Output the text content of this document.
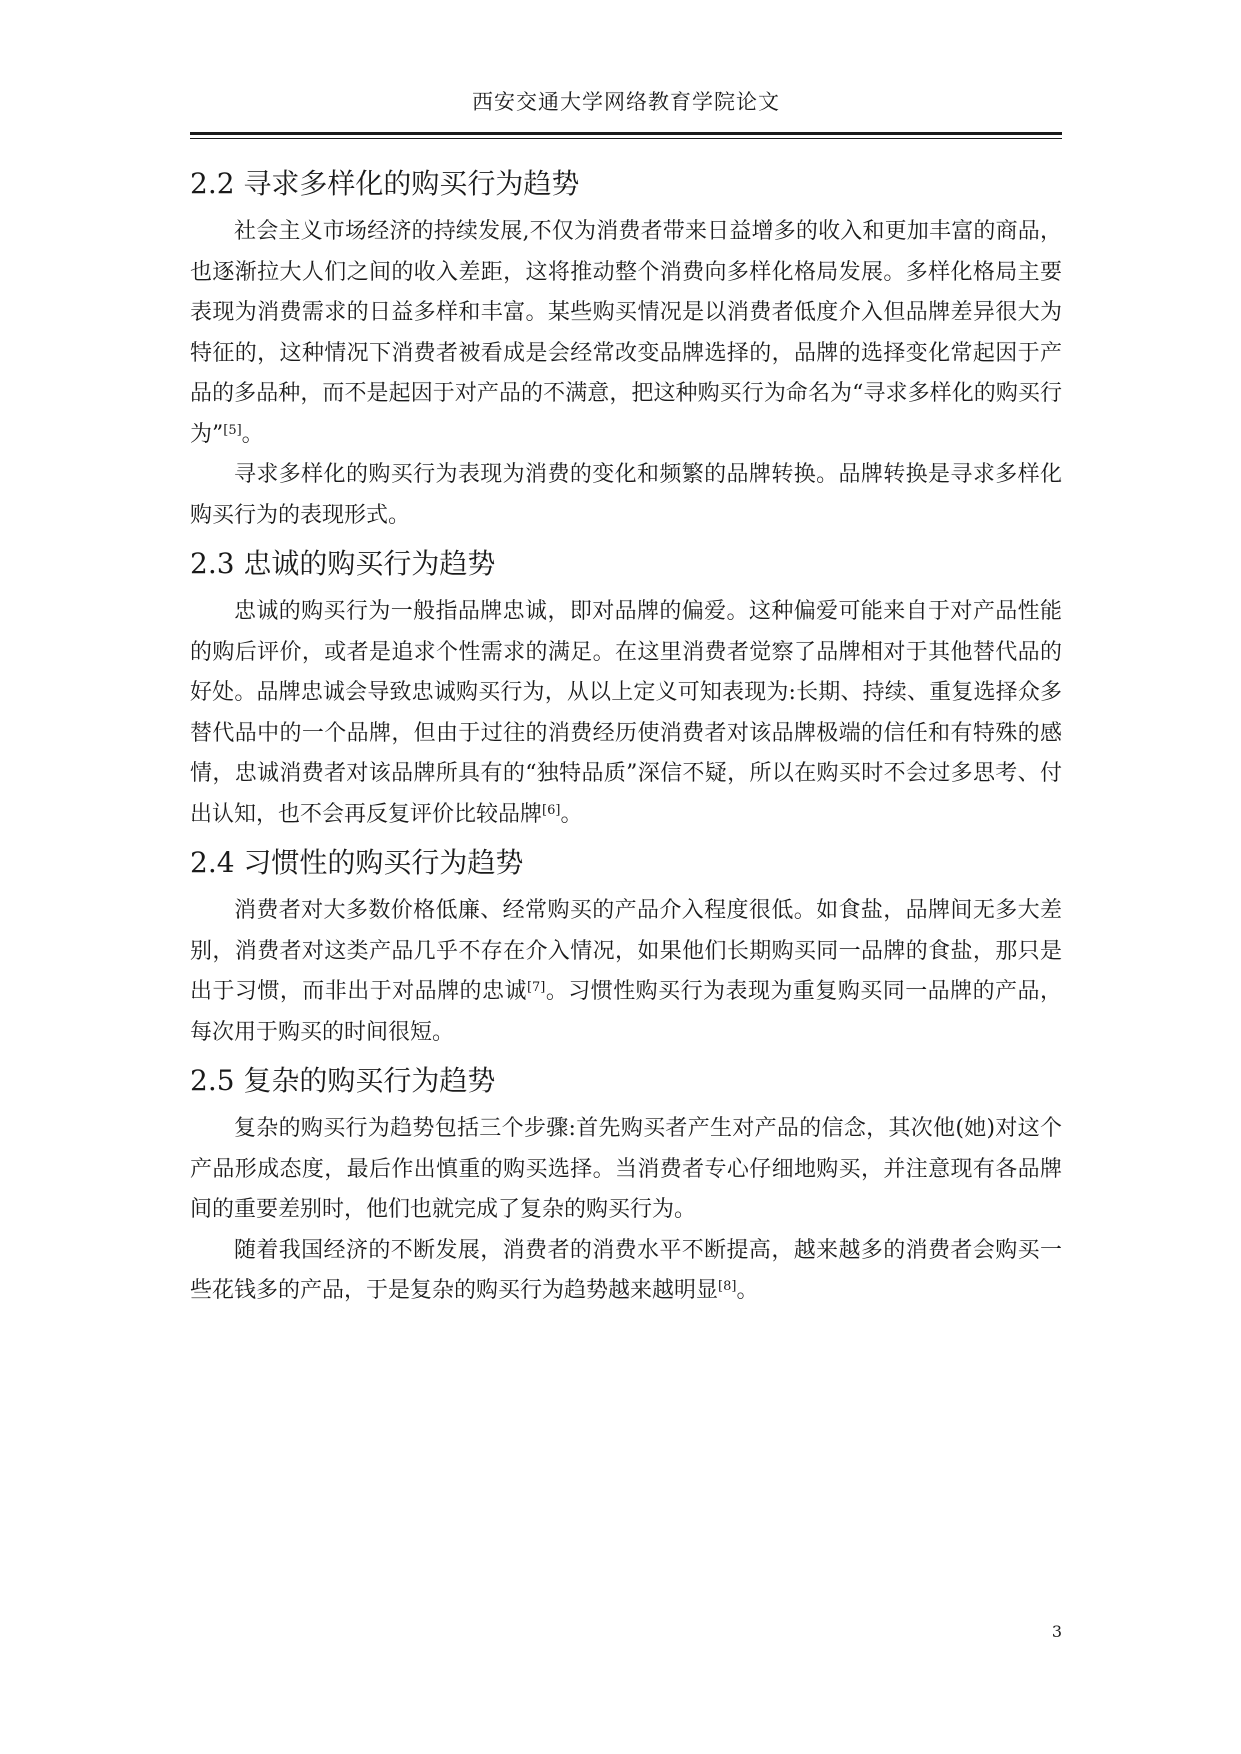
西安交通大学网络教育学院论文
2.2 寻求多样化的购买行为趋势

社会主义市场经济的持续发展,不仅为消费者带来日益增多的收入和更加丰富的商品，也逐渐拉大人们之间的收入差距，这将推动整个消费向多样化格局发展。多样化格局主要表现为消费需求的日益多样和丰富。某些购买情况是以消费者低度介入但品牌差异很大为特征的，这种情况下消费者被看成是会经常改变品牌选择的，品牌的选择变化常起因于产品的多品种，而不是起因于对产品的不满意，把这种购买行为命名为“寻求多样化的购买行为”[5]。

寻求多样化的购买行为表现为消费的变化和频繁的品牌转换。品牌转换是寻求多样化购买行为的表现形式。

2.3 忠诚的购买行为趋势

忠诚的购买行为一般指品牌忠诚，即对品牌的偏爱。这种偏爱可能来自于对产品性能的购后评价，或者是追求个性需求的满足。在这里消费者觉察了品牌相对于其他替代品的好处。品牌忠诚会导致忠诚购买行为，从以上定义可知表现为:长期、持续、重复选择众多替代品中的一个品牌，但由于过往的消费经历使消费者对该品牌极端的信任和有特殊的感情，忠诚消费者对该品牌所具有的“独特品质”深信不疑，所以在购买时不会过多思考、付出认知，也不会再反复评价比较品牌[6]。

2.4 习惯性的购买行为趋势

消费者对大多数价格低廉、经常购买的产品介入程度很低。如食盐，品牌间无多大差别，消费者对这类产品几乎不存在介入情况，如果他们长期购买同一品牌的食盐，那只是出于习惯，而非出于对品牌的忠诚[7]。习惯性购买行为表现为重复购买同一品牌的产品，每次用于购买的时间很短。

2.5 复杂的购买行为趋势

复杂的购买行为趋势包括三个步骤:首先购买者产生对产品的信念，其次他(她)对这个产品形成态度，最后作出慎重的购买选择。当消费者专心仔细地购买，并注意现有各品牌间的重要差别时，他们也就完成了复杂的购买行为。

随着我国经济的不断发展，消费者的消费水平不断提高，越来越多的消费者会购买一些花钱多的产品，于是复杂的购买行为趋势越来越明显[8]。

3
